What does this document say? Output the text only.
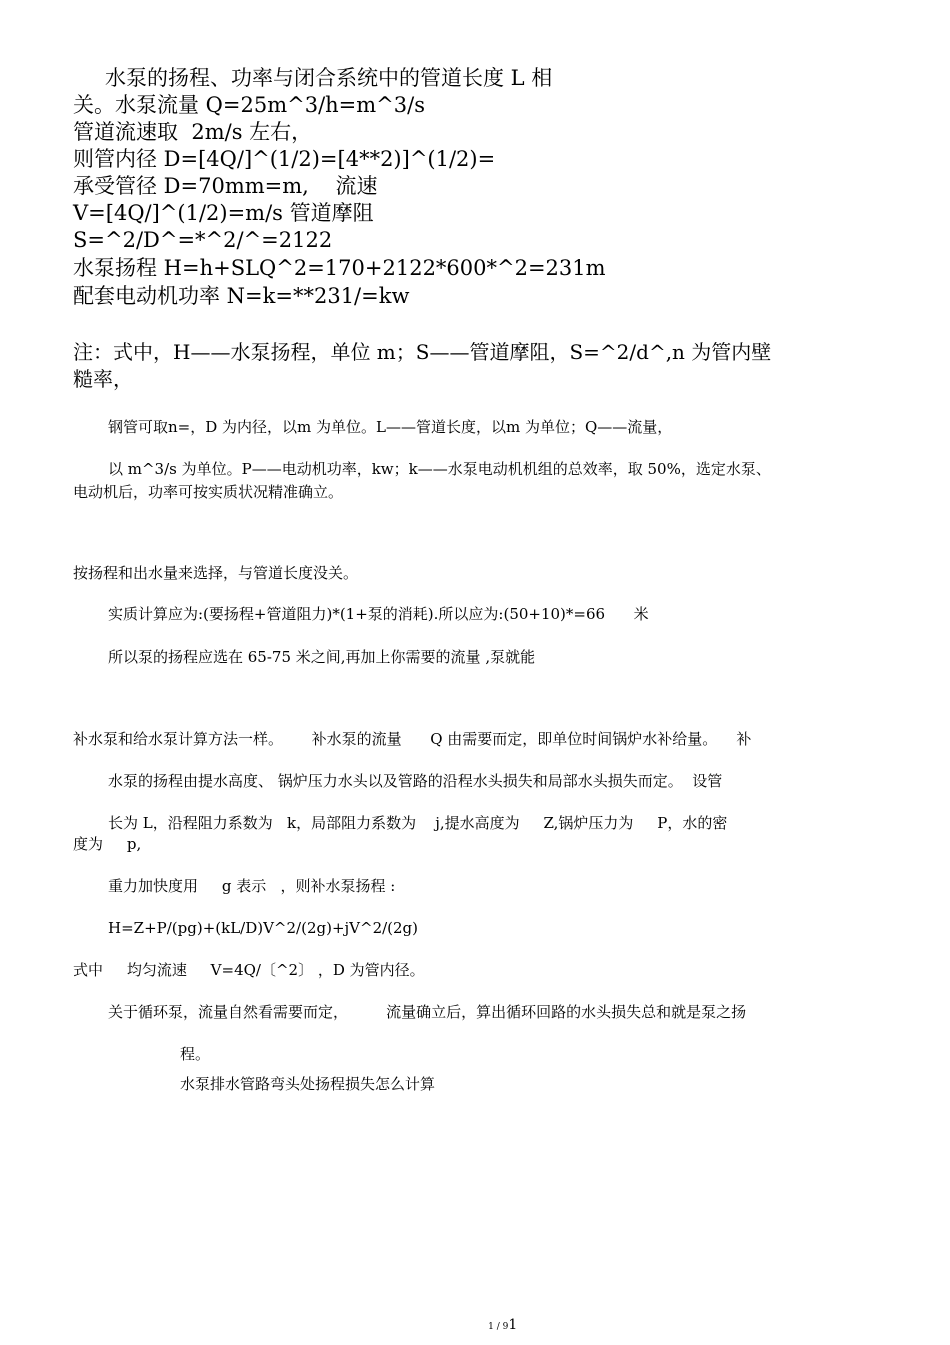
水泵的扬程、功率与闭合系统中的管道长度 L 相
关。水泵流量 Q=25m^3/h=m^3/s
管道流速取  2m/s 左右，
则管内径 D=[4Q/]^(1/2)=[4**2)]^(1/2)=
承受管径 D=70mm=m,    流速
V=[4Q/]^(1/2)=m/s 管道摩阻
S=^2/D^=*^2/^=2122
水泵扬程 H=h+SLQ^2=170+2122*600*^2=231m
配套电动机功率 N=k=**231/=kw
注：式中，H——水泵扬程，单位 m；S——管道摩阻，S=^2/d^,n 为管内壁
糙率，
钢管可取n=，D 为内径，以m 为单位。L——管道长度，以m 为单位；Q——流量，
以 m^3/s 为单位。P——电动机功率，kw；k——水泵电动机机组的总效率，取 50%，选定水泵、
电动机后，功率可按实质状况精准确立。
按扬程和出水量来选择，与管道长度没关。
实质计算应为:(要扬程+管道阻力)*(1+泵的消耗).所以应为:(50+10)*=66      米
所以泵的扬程应选在 65-75 米之间,再加上你需要的流量 ,泵就能
补水泵和给水泵计算方法一样。      补水泵的流量      Q 由需要而定，即单位时间锅炉水补给量。    补
水泵的扬程由提水高度、 锅炉压力水头以及管路的沿程水头损失和局部水头损失而定。  设管
长为 L，沿程阻力系数为   k，局部阻力系数为    j,提水高度为     Z,锅炉压力为     P，水的密
度为     p,
重力加快度用     g 表示   ，则补水泵扬程 :
H=Z+P/(pg)+(kL/D)V^2/(2g)+jV^2/(2g)
式中     均匀流速     V=4Q/〔^2〕 ，D 为管内径。
关于循环泵，流量自然看需要而定，        流量确立后，算出循环回路的水头损失总和就是泵之扬
程。
水泵排水管路弯头处扬程损失怎么计算

1 / 91
